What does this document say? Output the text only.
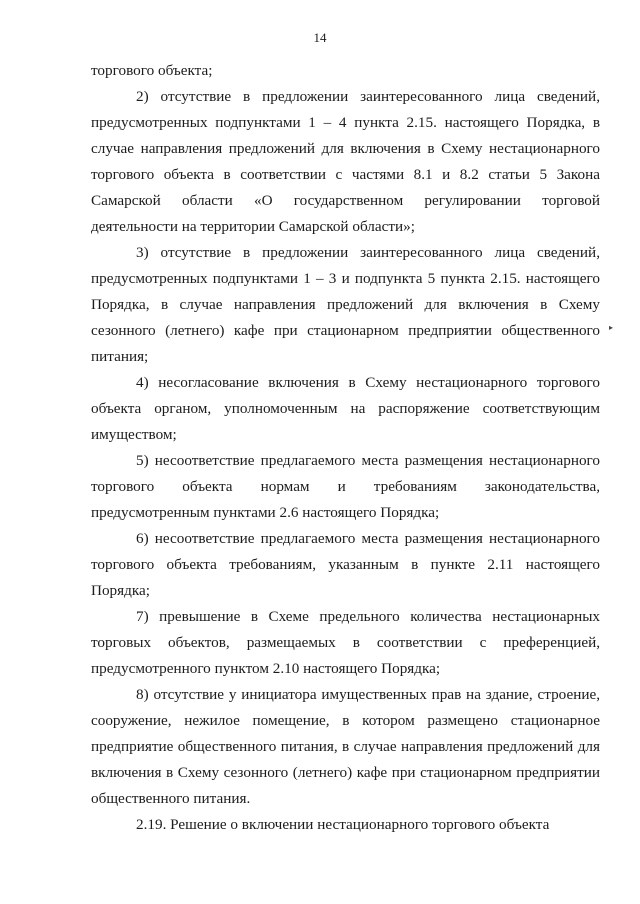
14

торгового объекта;

2) отсутствие в предложении заинтересованного лица сведений, предусмотренных подпунктами 1 – 4 пункта 2.15. настоящего Порядка, в случае направления предложений для включения в Схему нестационарного торгового объекта в соответствии с частями 8.1 и 8.2 статьи 5 Закона Самарской области «О государственном регулировании торговой деятельности на территории Самарской области»;

3) отсутствие в предложении заинтересованного лица сведений, предусмотренных подпунктами 1 – 3 и подпункта 5 пункта 2.15. настоящего Порядка, в случае направления предложений для включения в Схему сезонного (летнего) кафе при стационарном предприятии общественного питания;

4) несогласование включения в Схему нестационарного торгового объекта органом, уполномоченным на распоряжение соответствующим имуществом;

5) несоответствие предлагаемого места размещения нестационарного торгового объекта нормам и требованиям законодательства, предусмотренным пунктами 2.6 настоящего Порядка;

6) несоответствие предлагаемого места размещения нестационарного торгового объекта требованиям, указанным в пункте 2.11 настоящего Порядка;

7) превышение в Схеме предельного количества нестационарных торговых объектов, размещаемых в соответствии с преференцией, предусмотренного пунктом 2.10 настоящего Порядка;

8) отсутствие у инициатора имущественных прав на здание, строение, сооружение, нежилое помещение, в котором размещено стационарное предприятие общественного питания, в случае направления предложений для включения в Схему сезонного (летнего) кафе при стационарном предприятии общественного питания.

2.19. Решение о включении нестационарного торгового объекта

▸
